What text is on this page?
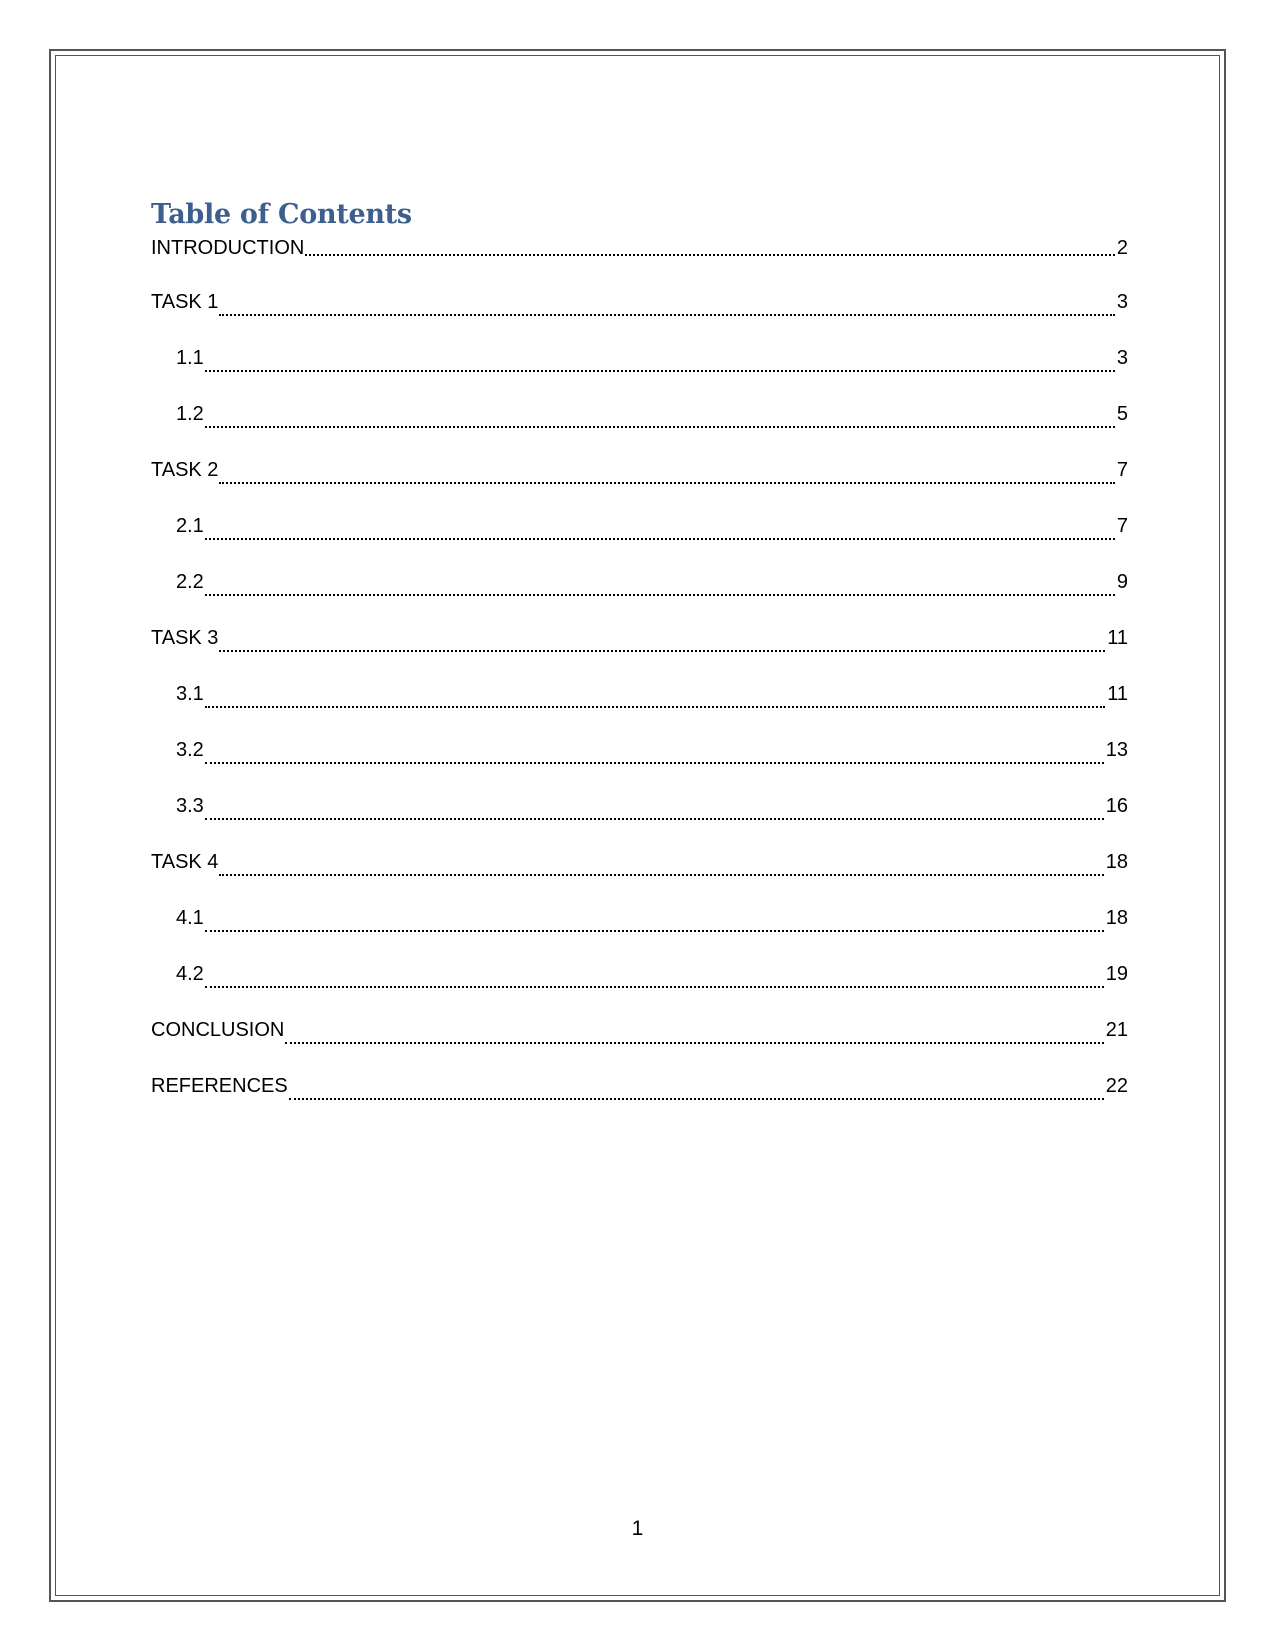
Table of Contents
INTRODUCTION	2
TASK 1	3
1.1	3
1.2	5
TASK 2	7
2.1	7
2.2	9
TASK 3	11
3.1	11
3.2	13
3.3	16
TASK 4	18
4.1	18
4.2	19
CONCLUSION	21
REFERENCES	22
1
